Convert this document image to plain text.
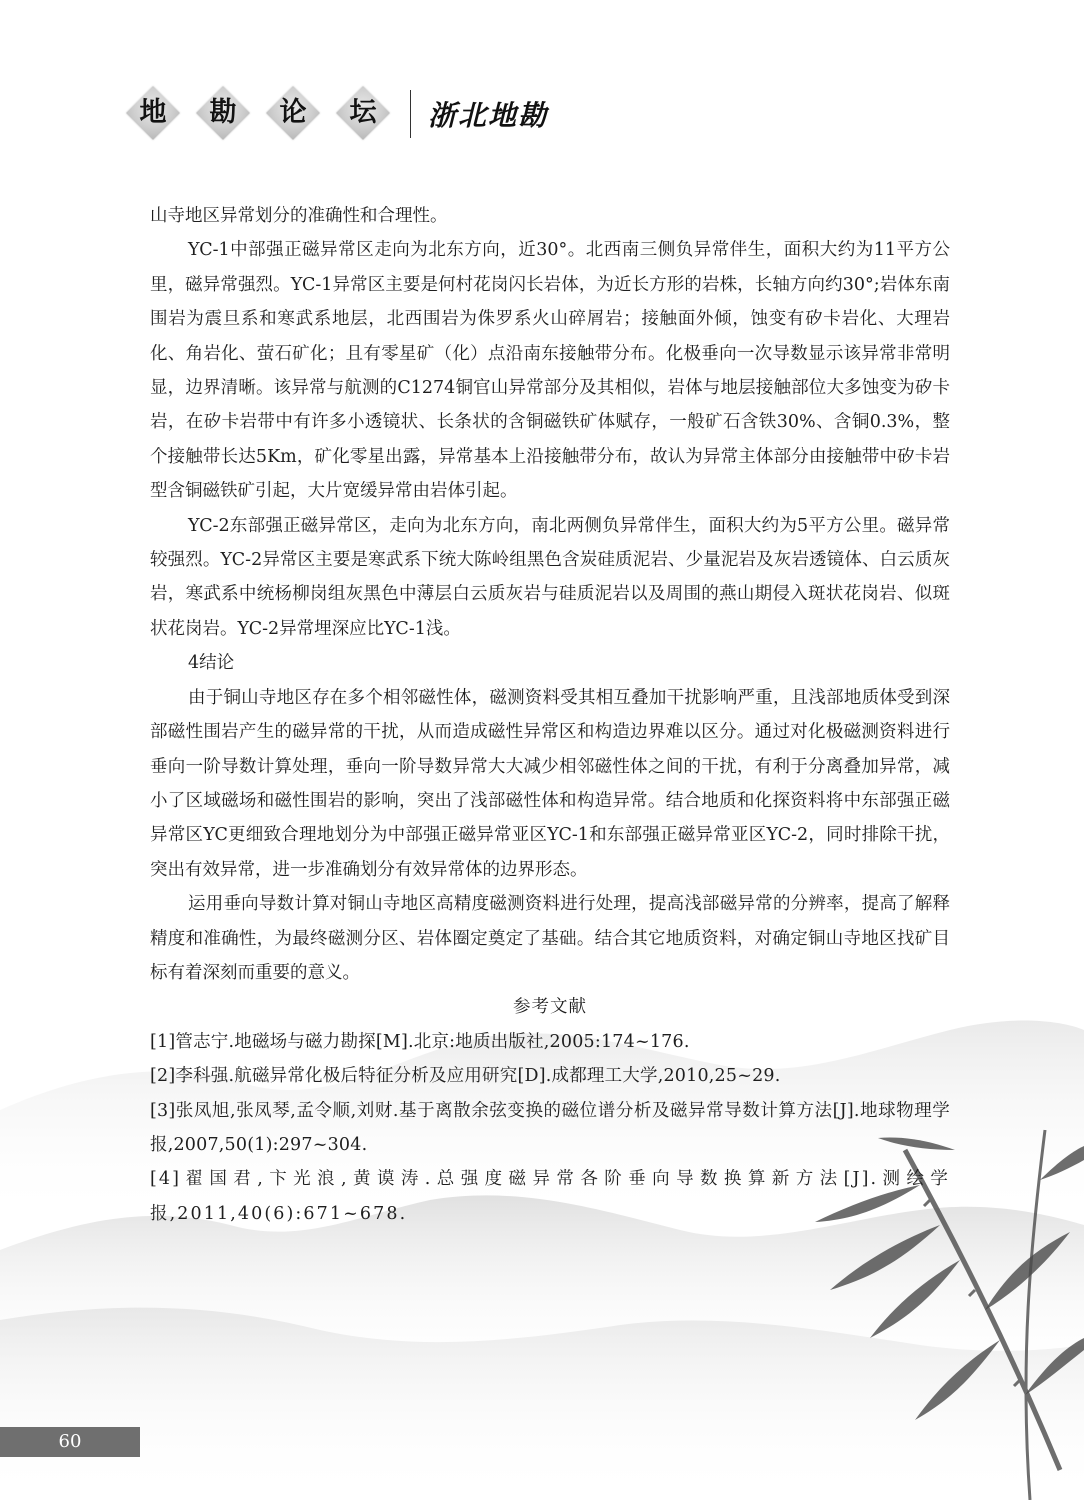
地	勘	论	坛	浙北地勘

山寺地区异常划分的准确性和合理性。

YC-1中部强正磁异常区走向为北东方向，近30°。北西南三侧负异常伴生，面积大约为11平方公里，磁异常强烈。YC-1异常区主要是何村花岗闪长岩体，为近长方形的岩株，长轴方向约30°;岩体东南围岩为震旦系和寒武系地层，北西围岩为侏罗系火山碎屑岩；接触面外倾，蚀变有矽卡岩化、大理岩化、角岩化、萤石矿化；且有零星矿（化）点沿南东接触带分布。化极垂向一次导数显示该异常非常明显，边界清晰。该异常与航测的C1274铜官山异常部分及其相似，岩体与地层接触部位大多蚀变为矽卡岩，在矽卡岩带中有许多小透镜状、长条状的含铜磁铁矿体赋存，一般矿石含铁30%、含铜0.3%，整个接触带长达5Km，矿化零星出露，异常基本上沿接触带分布，故认为异常主体部分由接触带中矽卡岩型含铜磁铁矿引起，大片宽缓异常由岩体引起。

YC-2东部强正磁异常区，走向为北东方向，南北两侧负异常伴生，面积大约为5平方公里。磁异常较强烈。YC-2异常区主要是寒武系下统大陈岭组黑色含炭硅质泥岩、少量泥岩及灰岩透镜体、白云质灰岩，寒武系中统杨柳岗组灰黑色中薄层白云质灰岩与硅质泥岩以及周围的燕山期侵入斑状花岗岩、似斑状花岗岩。YC-2异常埋深应比YC-1浅。

4结论

由于铜山寺地区存在多个相邻磁性体，磁测资料受其相互叠加干扰影响严重，且浅部地质体受到深部磁性围岩产生的磁异常的干扰，从而造成磁性异常区和构造边界难以区分。通过对化极磁测资料进行垂向一阶导数计算处理，垂向一阶导数异常大大减少相邻磁性体之间的干扰，有利于分离叠加异常，减小了区域磁场和磁性围岩的影响，突出了浅部磁性体和构造异常。结合地质和化探资料将中东部强正磁异常区YC更细致合理地划分为中部强正磁异常亚区YC-1和东部强正磁异常亚区YC-2，同时排除干扰，突出有效异常，进一步准确划分有效异常体的边界形态。

运用垂向导数计算对铜山寺地区高精度磁测资料进行处理，提高浅部磁异常的分辨率，提高了解释精度和准确性，为最终磁测分区、岩体圈定奠定了基础。结合其它地质资料，对确定铜山寺地区找矿目标有着深刻而重要的意义。

参考文献

[1]管志宁.地磁场与磁力勘探[M].北京:地质出版社,2005:174~176.

[2]李科强.航磁异常化极后特征分析及应用研究[D].成都理工大学,2010,25~29.

[3]张凤旭,张凤琴,孟令顺,刘财.基于离散余弦变换的磁位谱分析及磁异常导数计算方法[J].地球物理学报,2007,50(1):297~304.

[4]翟国君,卞光浪,黄谟涛.总强度磁异常各阶垂向导数换算新方法[J].测绘学报,2011,40(6):671~678.

60
